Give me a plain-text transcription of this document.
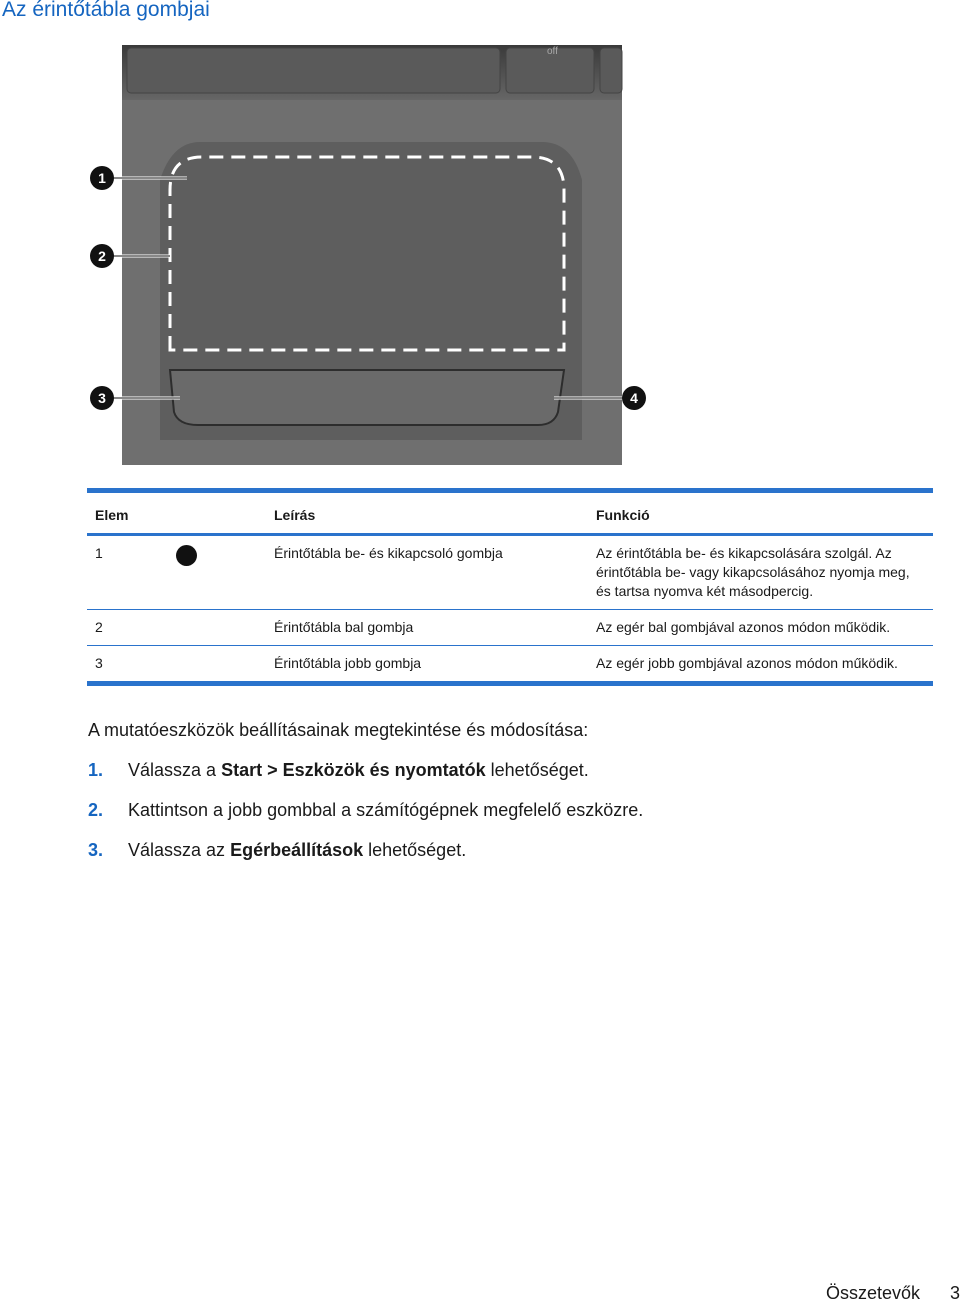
Az érintőtábla gombjai
off
1
2
3	4
Elem	Leírás	Funkció
1	Érintőtábla be- és kikapcsoló gombja	Az érintőtábla be- és kikapcsolására szolgál. Az érintőtábla be- vagy kikapcsolásához nyomja meg, és tartsa nyomva két másodpercig.
2	Érintőtábla bal gombja	Az egér bal gombjával azonos módon működik.
3	Érintőtábla jobb gombja	Az egér jobb gombjával azonos módon működik.

A mutatóeszközök beállításainak megtekintése és módosítása:

1.	Válassza a Start > Eszközök és nyomtatók lehetőséget.
2.	Kattintson a jobb gombbal a számítógépnek megfelelő eszközre.
3.	Válassza az Egérbeállítások lehetőséget.
Összetevők 3
